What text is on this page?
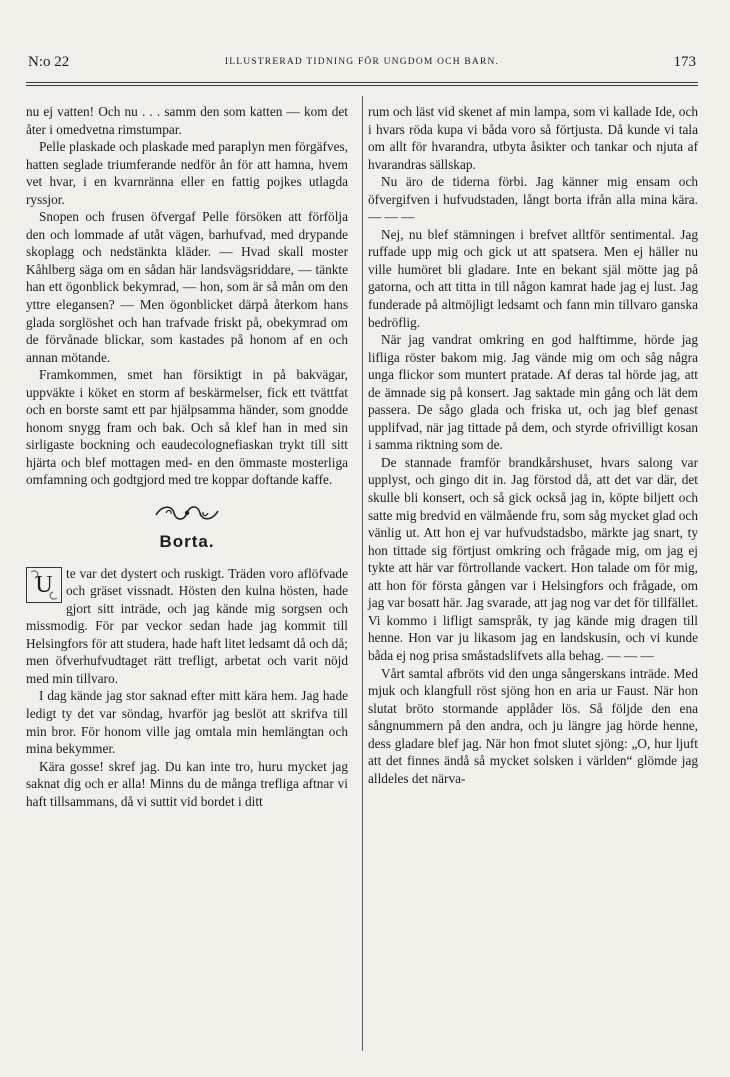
N:o 22	ILLUSTRERAD TIDNING FÖR UNGDOM OCH BARN.	173

nu ej vatten! Och nu . . . samm den som katten — kom det åter i omedvetna rimstumpar.

Pelle plaskade och plaskade med paraplyn men förgäfves, hatten seglade triumferande nedför ån för att hamna, hvem vet hvar, i en kvarnränna eller en fattig pojkes utlagda ryssjor.

Snopen och frusen öfvergaf Pelle försöken att förfölja den och lommade af utåt vägen, barhufvad, med drypande skoplagg och nedstänkta kläder. — Hvad skall moster Kåhlberg säga om en sådan här landsvägsriddare, — tänkte han ett ögonblick bekymrad, — hon, som är så mån om den yttre elegansen? — Men ögonblicket därpå återkom hans glada sorglöshet och han trafvade friskt på, obekymrad om de förvånade blickar, som kastades på honom af en och annan mötande.

Framkommen, smet han försiktigt in på bakvägar, uppväkte i köket en storm af beskärmelser, fick ett tvättfat och en borste samt ett par hjälpsamma händer, som gnodde honom snygg fram och bak. Och så klef han in med sin sirligaste bockning och eaudecolognefiaskan trykt till sitt hjärta och blef mottagen med- en den ömmaste mosterliga omfamning och godtgjord med tre koppar doftande kaffe.

Borta.

U	te var det dystert och ruskigt. Träden voro aflöfvade och gräset vissnadt. Hösten den kulna hösten, hade gjort sitt inträde, och jag kände mig sorgsen och missmodig. För par veckor sedan hade jag kommit till Helsingfors för att studera, hade haft litet ledsamt då och då; men öfverhufvudtaget rätt trefligt, arbetat och varit nöjd med min tillvaro.

I dag kände jag stor saknad efter mitt kära hem. Jag hade ledigt ty det var söndag, hvarför jag beslöt att skrifva till min bror. För honom ville jag omtala min hemlängtan och mina bekymmer.

Kära gosse! skref jag. Du kan inte tro, huru mycket jag saknat dig och er alla! Minns du de många trefliga aftnar vi haft tillsammans, då vi suttit vid bordet i ditt

rum och läst vid skenet af min lampa, som vi kallade Ide, och i hvars röda kupa vi båda voro så förtjusta. Då kunde vi tala om allt för hvarandra, utbyta åsikter och tankar och njuta af hvarandras sällskap.

Nu äro de tiderna förbi. Jag känner mig ensam och öfvergifven i hufvudstaden, långt borta ifrån alla mina kära. — — —

Nej, nu blef stämningen i brefvet alltför sentimental. Jag ruffade upp mig och gick ut att spatsera. Men ej häller nu ville humöret bli gladare. Inte en bekant själ mötte jag på gatorna, och att titta in till någon kamrat hade jag ej lust. Jag funderade på altmöjligt ledsamt och fann min tillvaro ganska bedröflig.

När jag vandrat omkring en god halftimme, hörde jag lifliga röster bakom mig. Jag vände mig om och såg några unga flickor som muntert pratade. Af deras tal hörde jag, att de ämnade sig på konsert. Jag saktade min gång och lät dem passera. De sågo glada och friska ut, och jag blef genast upplifvad, när jag tittade på dem, och styrde ofrivilligt kosan i samma riktning som de.

De stannade framför brandkårshuset, hvars salong var upplyst, och gingo dit in. Jag förstod då, att det var där, det skulle bli konsert, och så gick också jag in, köpte biljett och satte mig bredvid en välmående fru, som såg mycket glad och vänlig ut. Att hon ej var hufvudstadsbo, märkte jag snart, ty hon tittade sig förtjust omkring och frågade mig, om jag ej tykte att här var förtrollande vackert. Hon talade om för mig, att hon för första gången var i Helsingfors och frågade, om jag var bosatt här. Jag svarade, att jag nog var det för tillfället. Vi kommo i lifligt samspråk, ty jag kände mig dragen till henne. Hon var ju likasom jag en landskusin, och vi kunde båda ej nog prisa småstadslifvets alla behag. — — —

Vårt samtal afbröts vid den unga sångerskans inträde. Med mjuk och klangfull röst sjöng hon en aria ur Faust. När hon slutat bröto stormande applåder lös. Så följde den ena sångnummern på den andra, och ju längre jag hörde henne, dess gladare blef jag. När hon fmot slutet sjöng: „O, hur ljuft att det finnes ändå så mycket solsken i världen“ glömde jag alldeles det närva-
